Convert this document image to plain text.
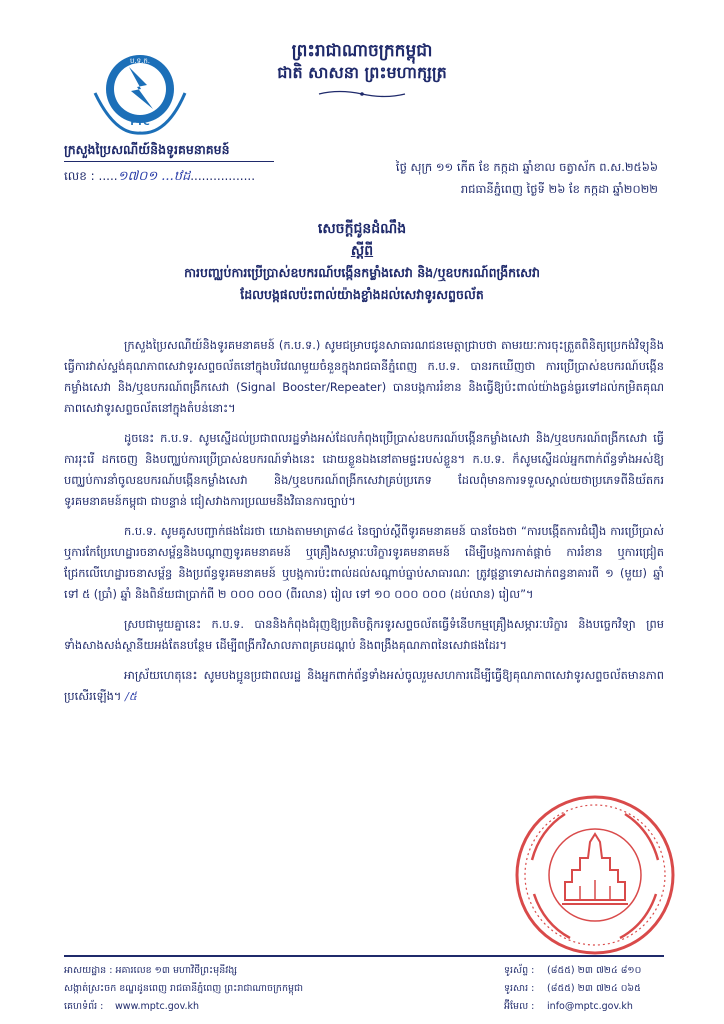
ព្រះរាជាណាចក្រកម្ពុជា
ជាតិ សាសនា ព្រះមហាក្សត្រ
ប.ទ.ក.
PTC
ក្រសួងប្រៃសណីយ៍និងទូរគមនាគមន៍
លេខ : .....១៧០១ ...ឋដ.................
ថ្ងៃ សុក្រ ១១ កើត ខែ កក្កដា ឆ្នាំខាល ចត្វាស័ក ព.ស.២៥៦៦
រាជធានីភ្នំពេញ ថ្ងៃទី ២៦ ខែ កក្កដា ឆ្នាំ២០២២
សេចក្ដីជូនដំណឹង
ស្ដីពី
ការបញ្ឈប់ការប្រើប្រាស់ឧបករណ៍បង្កើនកម្លាំងសេវា និង/ឬឧបករណ៍ពង្រីកសេវា
ដែលបង្កផលប៉ះពាល់យ៉ាងខ្លាំងដល់សេវាទូរសព្ទចល័ត

ក្រសួងប្រៃសណីយ៍និងទូរគមនាគមន៍ (ក.ប.ទ.) សូមជម្រាបជូនសាធារណជនមេត្តាជ្រាបថា តាមរយៈការចុះត្រួតពិនិត្យប្រេកង់វិទ្យុនិងធ្វើការវាស់ស្ទង់គុណភាពសេវាទូរសព្ទចល័តនៅក្នុងបរិវេណមួយចំនួនក្នុងរាជធានីភ្នំពេញ ក.ប.ទ. បានរកឃើញថា ការប្រើប្រាស់ឧបករណ៍បង្កើនកម្លាំងសេវា និង/ឬឧបករណ៍ពង្រីកសេវា (Signal Booster/Repeater) បានបង្កការរំខាន និងធ្វើឱ្យប៉ះពាល់យ៉ាងធ្ងន់ធ្ងរទៅដល់កម្រិតគុណភាពសេវាទូរសព្ទចល័តនៅក្នុងតំបន់នោះ។

ដូចនេះ ក.ប.ទ. សូមស្នើដល់ប្រជាពលរដ្ឋទាំងអស់ដែលកំពុងប្រើប្រាស់ឧបករណ៍បង្កើនកម្លាំងសេវា និង/ឬឧបករណ៍ពង្រីកសេវា ធ្វើការរុះរើ ដកចេញ និងបញ្ឈប់ការប្រើប្រាស់ឧបករណ៍ទាំងនេះ ដោយខ្លួនឯងនៅតាមផ្ទះរបស់ខ្លួន។ ក.ប.ទ. ក៏សូមស្នើដល់អ្នកពាក់ព័ន្ធទាំងអស់ឱ្យបញ្ឈប់ការនាំចូលឧបករណ៍បង្កើនកម្លាំងសេវា និង/ឬឧបករណ៍ពង្រីកសេវាគ្រប់ប្រភេទ ដែលពុំមានការទទួលស្គាល់យថាប្រភេទពីនិយ័តករទូរគមនាគមន៍កម្ពុជា ជាបន្ទាន់ ជៀសវាងការប្រឈមនឹងវិធានការច្បាប់។

ក.ប.ទ. សូមគូសបញ្ជាក់ផងដែរថា យោងតាមមាត្រា៨៤ នៃច្បាប់ស្ដីពីទូរគមនាគមន៍ បានចែងថា “ការបង្កើតការជំរឿង ការប្រើប្រាស់ ឬការកែប្រែហេដ្ឋារចនាសម្ព័ន្ធនិងបណ្ដាញទូរគមនាគមន៍ ឬគ្រឿងសម្ភារៈបរិក្ខារទូរគមនាគមន៍ ដើម្បីបង្កការកាត់ផ្ដាច់ ការរំខាន ឬការជ្រៀតជ្រែកលើហេដ្ឋារចនាសម្ព័ន្ធ និងប្រព័ន្ធទូរគមនាគមន៍ ឬបង្កការប៉ះពាល់ដល់សណ្ដាប់ធ្នាប់សាធារណៈ ត្រូវផ្ដន្ទាទោសដាក់ពន្ធនាគារពី ១ (មួយ) ឆ្នាំ ទៅ ៥ (ប្រាំ) ឆ្នាំ និងពិន័យជាប្រាក់ពី ២ ០០០ ០០០ (ពីរលាន) រៀល ទៅ ១០ ០០០ ០០០ (ដប់លាន) រៀល”។

ស្របជាមួយគ្នានេះ ក.ប.ទ. បាននិងកំពុងជំរុញឱ្យប្រតិបត្តិករទូរសព្ទចល័តធ្វើទំនើបកម្មគ្រឿងសម្ភារៈបរិក្ខារ និងបច្ចេកវិទ្យា ព្រមទាំងសាងសង់ស្ថានីយអង់តែនបន្ថែម ដើម្បីពង្រីកវិសាលភាពគ្របដណ្ដប់ និងពង្រឹងគុណភាពនៃសេវាផងដែរ។

អាស្រ័យហេតុនេះ សូមបងប្អូនប្រជាពលរដ្ឋ និងអ្នកពាក់ព័ន្ធទាំងអស់ចូលរួមសហការដើម្បីធ្វើឱ្យគុណភាពសេវាទូរសព្ទចល័តមានភាពប្រសើរឡើង។ /៥

អាសយដ្ឋាន :
អគារលេខ ១៣ មហាវិថីព្រះមុនីវង្ស
សង្កាត់ស្រះចក ខណ្ឌដូនពេញ រាជធានីភ្នំពេញ ព្រះរាជាណាចក្រកម្ពុជា
គេហទំព័រ :
	www.mptc.gov.kh
ទូរស័ព្ទ :
	(៨៥៥) ២៣ ៧២៤ ៨១០
ទូរសារ :
	(៨៥៥) ២៣ ៧២៤ ០៦៥
អ៊ីមែល :
	info@mptc.gov.kh
